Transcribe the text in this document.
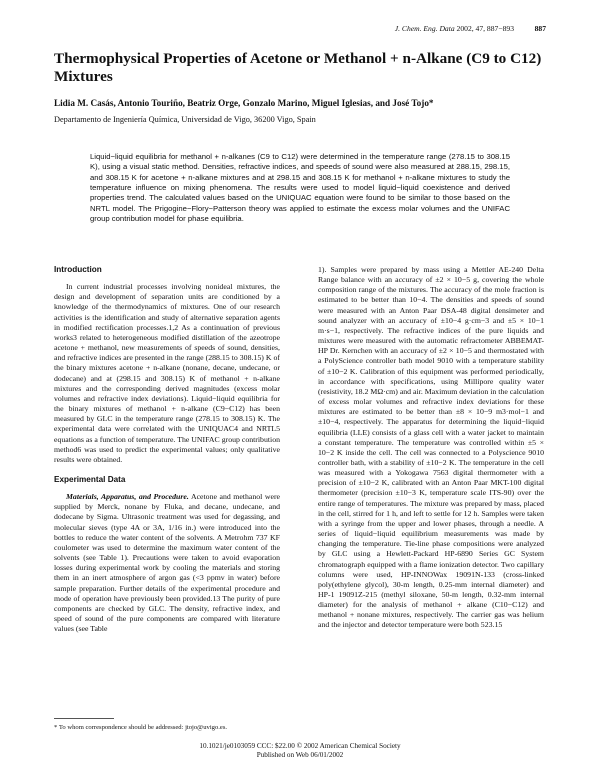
J. Chem. Eng. Data 2002, 47, 887−893	887
Thermophysical Properties of Acetone or Methanol + n-Alkane (C9 to C12) Mixtures
Lidia M. Casás, Antonio Touriño, Beatriz Orge, Gonzalo Marino, Miguel Iglesias, and José Tojo*
Departamento de Ingeniería Química, Universidad de Vigo, 36200 Vigo, Spain
Liquid−liquid equilibria for methanol + n-alkanes (C9 to C12) were determined in the temperature range (278.15 to 308.15 K), using a visual static method. Densities, refractive indices, and speeds of sound were also measured at 288.15, 298.15, and 308.15 K for acetone + n-alkane mixtures and at 298.15 and 308.15 K for methanol + n-alkane mixtures to study the temperature influence on mixing phenomena. The results were used to model liquid−liquid coexistence and derived properties trend. The calculated values based on the UNIQUAC equation were found to be similar to those based on the NRTL model. The Prigogine−Flory−Patterson theory was applied to estimate the excess molar volumes and the UNIFAC group contribution model for phase equilibria.
Introduction

In current industrial processes involving nonideal mixtures, the design and development of separation units are conditioned by a knowledge of the thermodynamics of mixtures. One of our research activities is the identification and study of alternative separation agents in modified rectification processes.1,2 As a continuation of previous works3 related to heterogeneous modified distillation of the azeotrope acetone + methanol, new measurements of speeds of sound, densities, and refractive indices are presented in the range (288.15 to 308.15) K of the binary mixtures acetone + n-alkane (nonane, decane, undecane, or dodecane) and at (298.15 and 308.15) K of methanol + n-alkane mixtures and the corresponding derived magnitudes (excess molar volumes and refractive index deviations). Liquid−liquid equilibria for the binary mixtures of methanol + n-alkane (C9−C12) has been measured by GLC in the temperature range (278.15 to 308.15) K. The experimental data were correlated with the UNIQUAC4 and NRTL5 equations as a function of temperature. The UNIFAC group contribution method6 was used to predict the experimental values; only qualitative results were obtained.

Experimental Data

Materials, Apparatus, and Procedure. Acetone and methanol were supplied by Merck, nonane by Fluka, and decane, undecane, and dodecane by Sigma. Ultrasonic treatment was used for degassing, and molecular sieves (type 4A or 3A, 1/16 in.) were introduced into the bottles to reduce the water content of the solvents. A Metrohm 737 KF coulometer was used to determine the maximum water content of the solvents (see Table 1). Precautions were taken to avoid evaporation losses during experimental work by cooling the materials and storing them in an inert atmosphere of argon gas (<3 ppmv in water) before sample preparation. Further details of the experimental procedure and mode of operation have previously been provided.13 The purity of pure components are checked by GLC. The density, refractive index, and speed of sound of the pure components are compared with literature values (see Table

1). Samples were prepared by mass using a Mettler AE-240 Delta Range balance with an accuracy of ±2 × 10−5 g, covering the whole composition range of the mixtures. The accuracy of the mole fraction is estimated to be better than 10−4. The densities and speeds of sound were measured with an Anton Paar DSA-48 digital densimeter and sound analyzer with an accuracy of ±10−4 g·cm−3 and ±5 × 10−1 m·s−1, respectively. The refractive indices of the pure liquids and mixtures were measured with the automatic refractometer ABBEMAT-HP Dr. Kernchen with an accuracy of ±2 × 10−5 and thermostated with a PolyScience controller bath model 9010 with a temperature stability of ±10−2 K. Calibration of this equipment was performed periodically, in accordance with specifications, using Millipore quality water (resistivity, 18.2 MΩ·cm) and air. Maximum deviation in the calculation of excess molar volumes and refractive index deviations for these mixtures are estimated to be better than ±8 × 10−9 m3·mol−1 and ±10−4, respectively. The apparatus for determining the liquid−liquid equilibria (LLE) consists of a glass cell with a water jacket to maintain a constant temperature. The temperature was controlled within ±5 × 10−2 K inside the cell. The cell was connected to a Polyscience 9010 controller bath, with a stability of ±10−2 K. The temperature in the cell was measured with a Yokogawa 7563 digital thermometer with a precision of ±10−2 K, calibrated with an Anton Paar MKT-100 digital thermometer (precision ±10−3 K, temperature scale ITS-90) over the entire range of temperatures. The mixture was prepared by mass, placed in the cell, stirred for 1 h, and left to settle for 12 h. Samples were taken with a syringe from the upper and lower phases, through a needle. A series of liquid−liquid equilibrium measurements was made by changing the temperature. Tie-line phase compositions were analyzed by GLC using a Hewlett-Packard HP-6890 Series GC System chromatograph equipped with a flame ionization detector. Two capillary columns were used, HP-INNOWax 19091N-133 (cross-linked poly(ethylene glycol), 30-m length, 0.25-mm internal diameter) and HP-1 19091Z-215 (methyl siloxane, 50-m length, 0.32-mm internal diameter) for the analysis of methanol + alkane (C10−C12) and methanol + nonane mixtures, respectively. The carrier gas was helium and the injector and detector temperature were both 523.15

* To whom correspondence should be addressed: jtojo@uvigo.es.
10.1021/je0103059 CCC: $22.00 © 2002 American Chemical Society
Published on Web 06/01/2002
